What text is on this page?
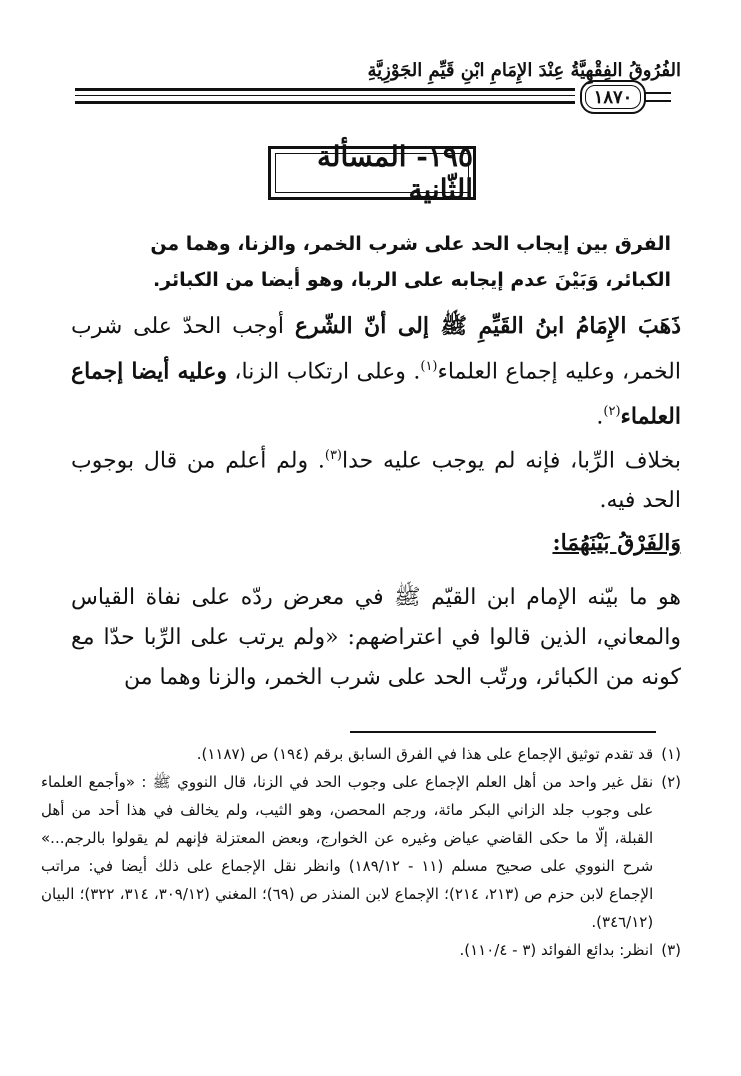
الفُرُوقُ الفِقْهِيَّةُ عِنْدَ الإِمَامِ ابْنِ قَيِّمِ الجَوْزِيَّةِ
١٨٧٠
١٩٥- المسألة الثّانية
الفرق بين إيجاب الحد على شرب الخمر، والزنا، وهما من الكبائر، وَبَيْنَ عدم إيجابه على الربا، وهو أيضا من الكبائر.
ذَهَبَ الإِمَامُ ابنُ القَيِّمِ ﷺ إلى أنّ الشّرع أوجب الحدّ على شرب الخمر، وعليه إجماع العلماء$^{(١)}$. وعلى ارتكاب الزنا، وعليه أيضا إجماع العلماء$^{(٢)}$.
بخلاف الرِّبا، فإنه لم يوجب عليه حدا$^{(٣)}$. ولم أعلم من قال بوجوب الحد فيه.
وَالفَرْقُ بَيْنَهُمَا:
هو ما بيّنه الإمام ابن القيّم ﷺ في معرض ردّه على نفاة القياس والمعاني، الذين قالوا في اعتراضهم: «ولم يرتب على الرِّبا حدّا مع كونه من الكبائر، ورتّب الحد على شرب الخمر، والزنا وهما من
(١)
قد تقدم توثيق الإجماع على هذا في الفرق السابق برقم (١٩٤) ص (١١٨٧).
(٢)
نقل غير واحد من أهل العلم الإجماع على وجوب الحد في الزنا، قال النووي ﷺ : «وأجمع العلماء على وجوب جلد الزاني البكر مائة، ورجم المحصن، وهو الثيب، ولم يخالف في هذا أحد من أهل القبلة، إلّا ما حكى القاضي عياض وغيره عن الخوارج، وبعض المعتزلة فإنهم لم يقولوا بالرجم...» شرح النووي على صحيح مسلم (١١ - ١٨٩/١٢) وانظر نقل الإجماع على ذلك أيضا في: مراتب الإجماع لابن حزم ص (٢١٣، ٢١٤)؛ الإجماع لابن المنذر ص (٦٩)؛ المغني (٣٠٩/١٢، ٣١٤، ٣٢٢)؛ البيان (٣٤٦/١٢).
(٣)
انظر: بدائع الفوائد (٣ - ١١٠/٤).
